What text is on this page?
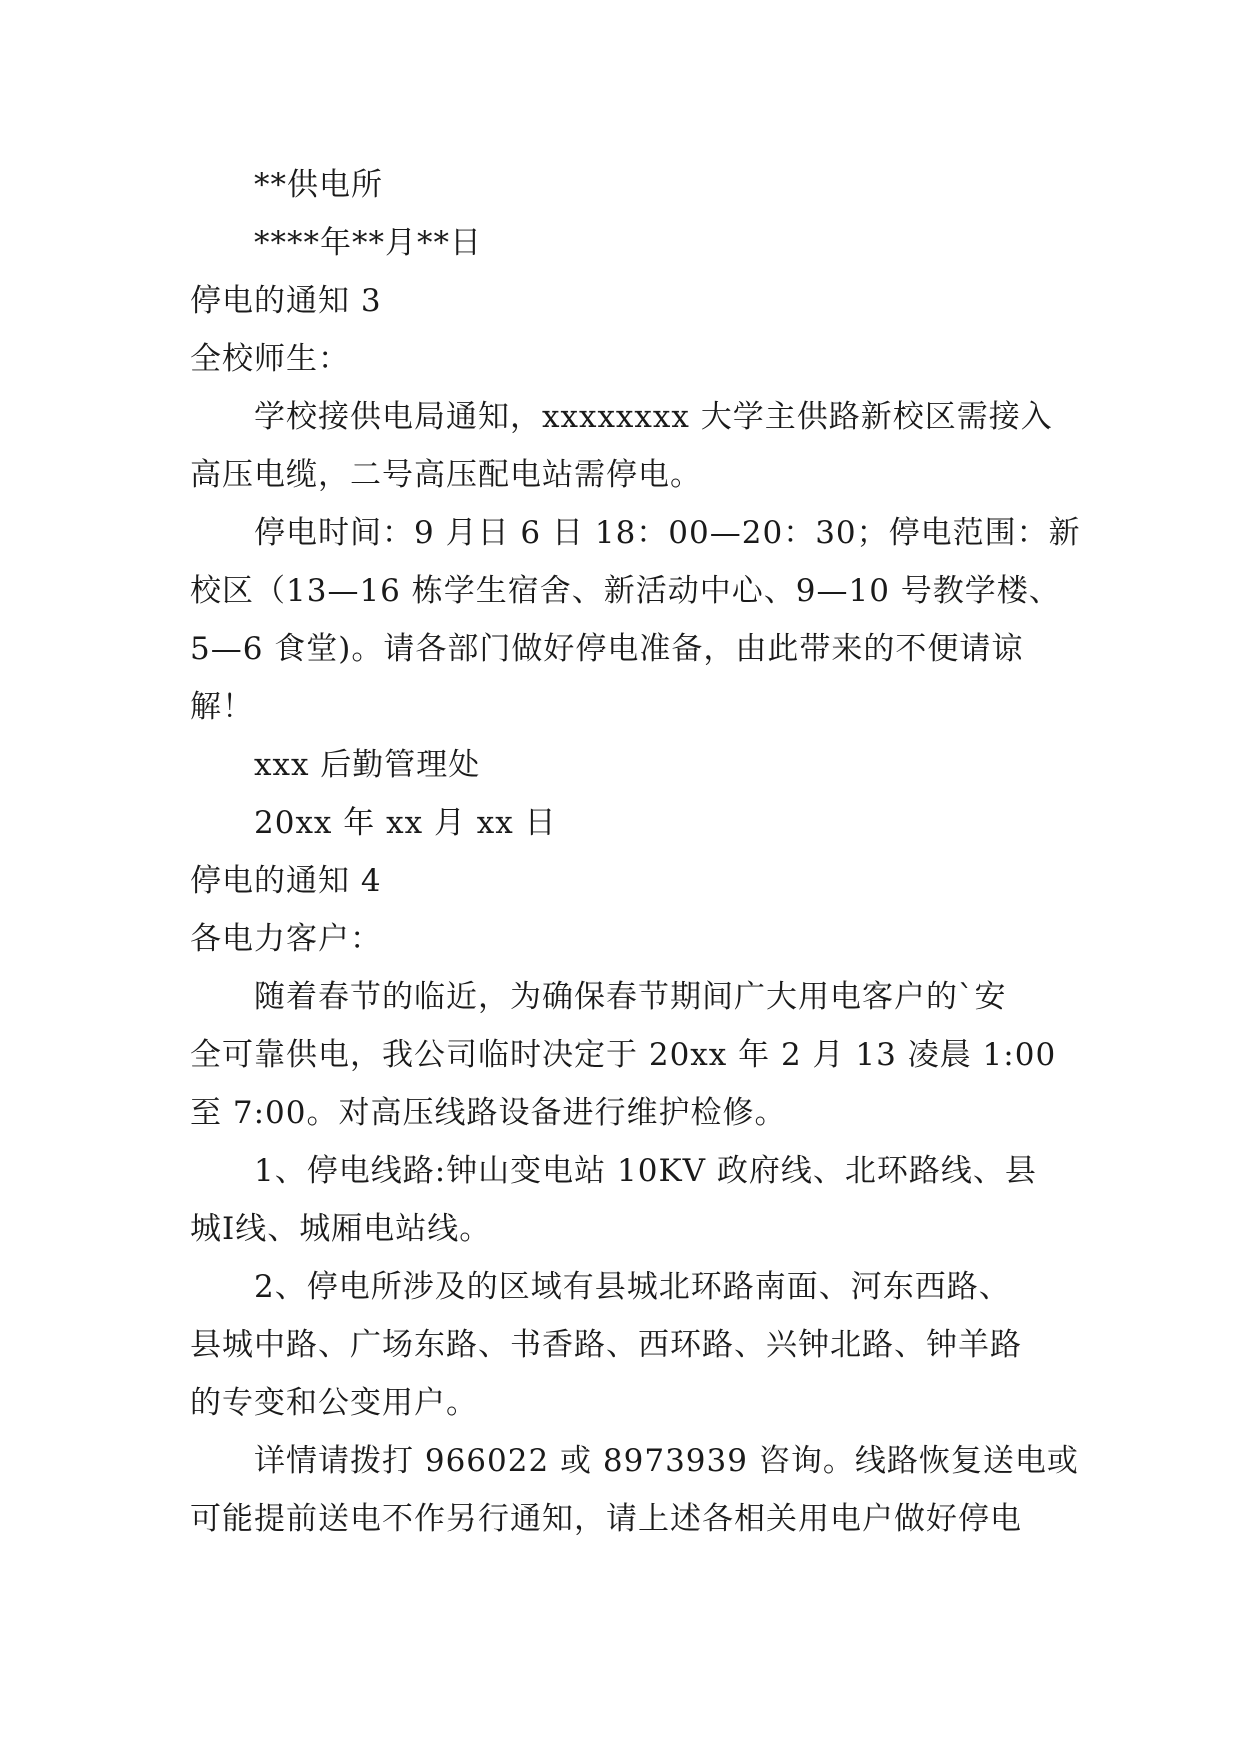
**供电所
****年**月**日
停电的通知 3
全校师生：
学校接供电局通知，xxxxxxxx 大学主供路新校区需接入
高压电缆，二号高压配电站需停电。
停电时间：9 月日 6 日 18：00—20：30；停电范围：新
校区（13—16 栋学生宿舍、新活动中心、9—10 号教学楼、
5—6 食堂)。请各部门做好停电准备，由此带来的不便请谅
解！
xxx 后勤管理处
20xx 年 xx 月 xx 日
停电的通知 4
各电力客户：
随着春节的临近，为确保春节期间广大用电客户的`安
全可靠供电，我公司临时决定于 20xx 年 2 月 13 凌晨 1:00
至 7:00。对高压线路设备进行维护检修。
1、停电线路:钟山变电站 10KV 政府线、北环路线、县
城Ⅰ线、城厢电站线。
2、停电所涉及的区域有县城北环路南面、河东西路、
县城中路、广场东路、书香路、西环路、兴钟北路、钟羊路
的专变和公变用户。
详情请拨打 966022 或 8973939 咨询。线路恢复送电或
可能提前送电不作另行通知，请上述各相关用电户做好停电
